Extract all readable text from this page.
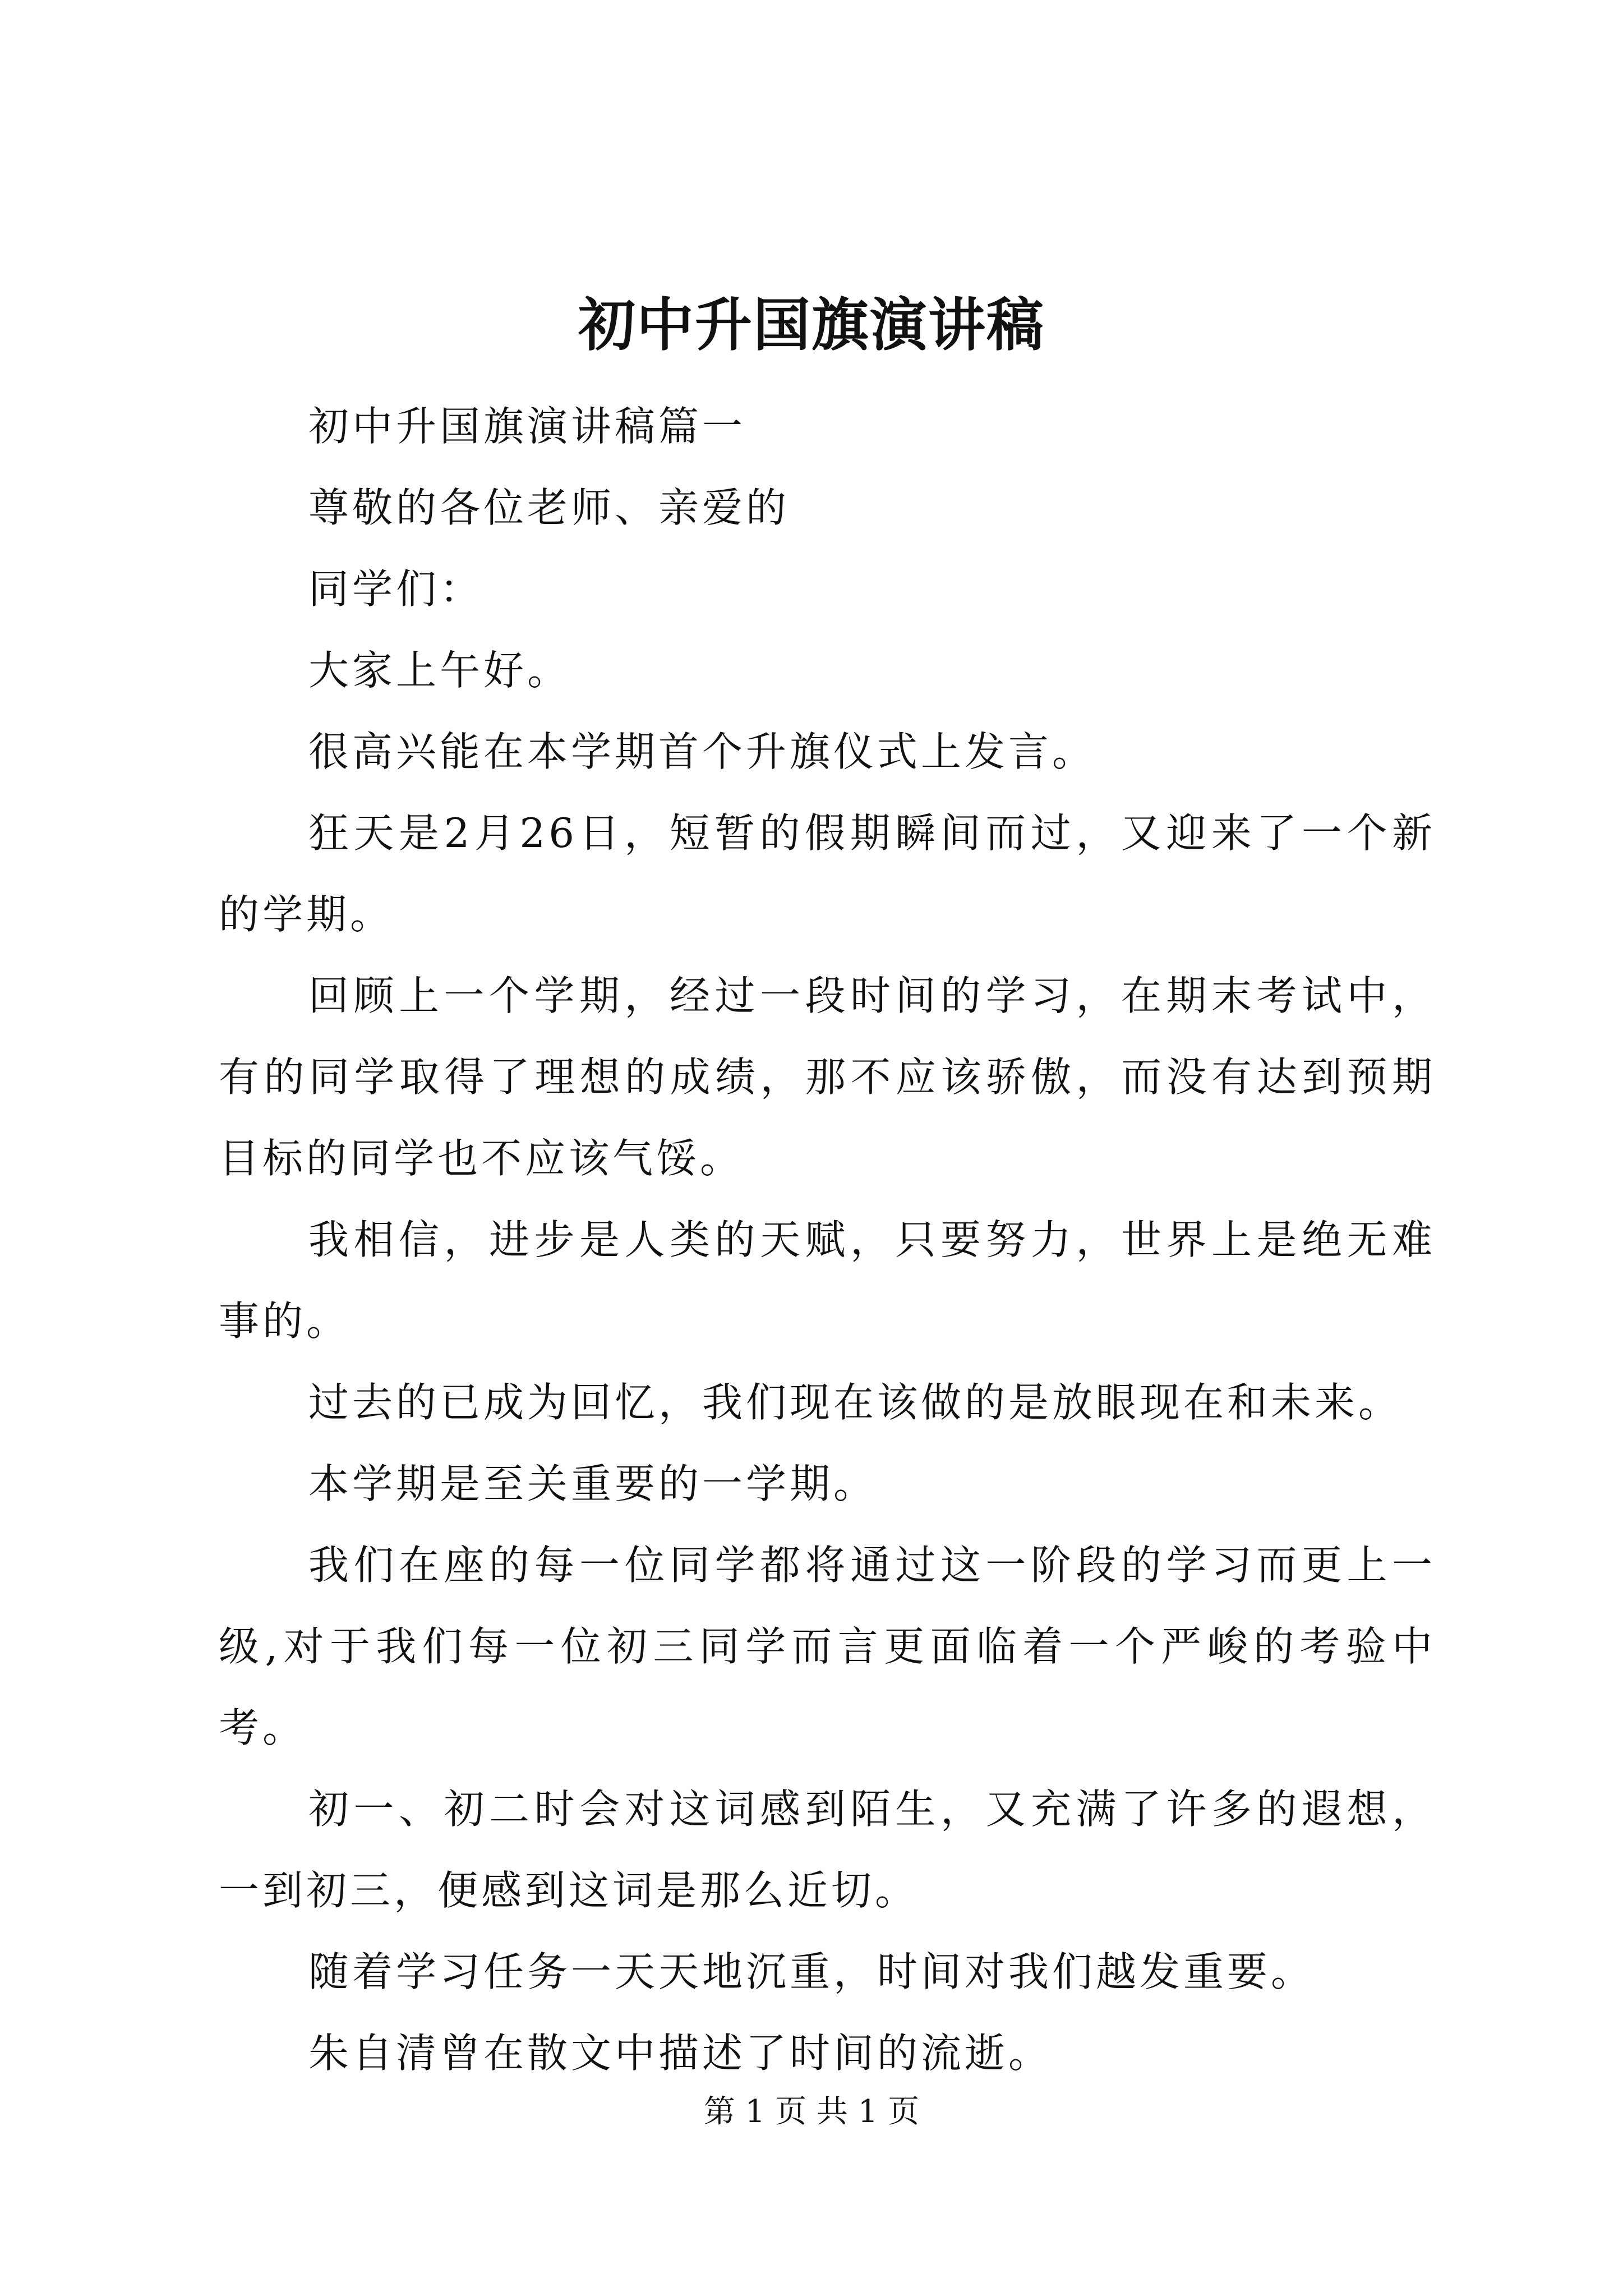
初中升国旗演讲稿

初中升国旗演讲稿篇一

尊敬的各位老师、亲爱的

同学们：

大家上午好。

很高兴能在本学期首个升旗仪式上发言。

狂天是2月26日，短暂的假期瞬间而过，又迎来了一个新的学期。

回顾上一个学期，经过一段时间的学习，在期末考试中，有的同学取得了理想的成绩，那不应该骄傲，而没有达到预期目标的同学也不应该气馁。

我相信，进步是人类的天赋，只要努力，世界上是绝无难事的。

过去的已成为回忆，我们现在该做的是放眼现在和未来。

本学期是至关重要的一学期。

我们在座的每一位同学都将通过这一阶段的学习而更上一级,对于我们每一位初三同学而言更面临着一个严峻的考验中考。

初一、初二时会对这词感到陌生，又充满了许多的遐想，一到初三，便感到这词是那么近切。

随着学习任务一天天地沉重，时间对我们越发重要。

朱自清曾在散文中描述了时间的流逝。

第 1 页 共 1 页
